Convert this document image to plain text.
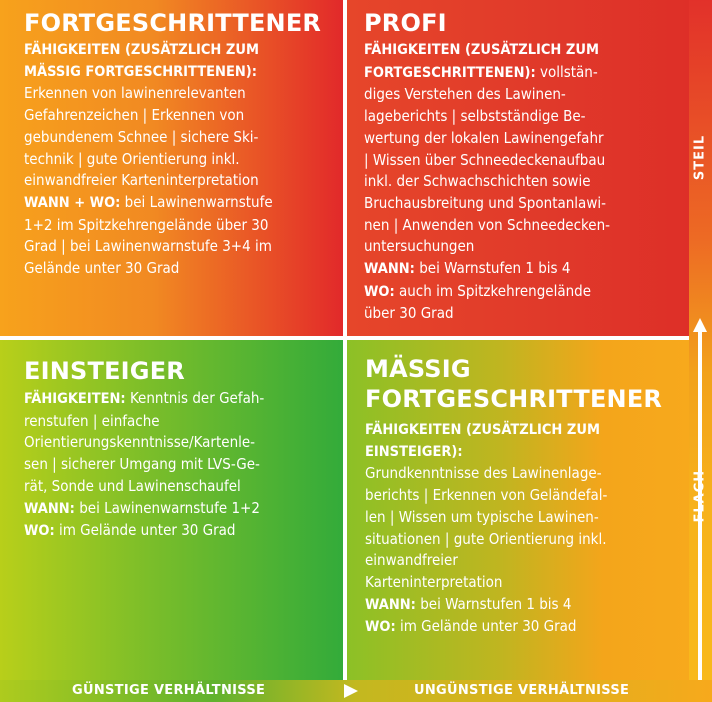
FORTGESCHRITTENER
FÄHIGKEITEN (ZUSÄTZLICH ZUM
MÄSSIG FORTGESCHRITTENEN):
Erkennen von lawinenrelevanten
Gefahrenzeichen | Erkennen von
gebundenem Schnee | sichere Ski-
technik | gute Orientierung inkl.
einwandfreier Karteninterpretation
WANN + WO: bei Lawinenwarnstufe
1+2 im Spitzkehrengelände über 30
Grad | bei Lawinenwarnstufe 3+4 im
Gelände unter 30 Grad
PROFI
FÄHIGKEITEN (ZUSÄTZLICH ZUM
FORTGESCHRITTENEN): vollstän-
diges Verstehen des Lawinen-
lageberichts | selbstständige Be-
wertung der lokalen Lawinengefahr
| Wissen über Schneedeckenaufbau
inkl. der Schwachschichten sowie
Bruchausbreitung und Spontanlawi-
nen | Anwenden von Schneedecken-
untersuchungen
WANN: bei Warnstufen 1 bis 4
WO: auch im Spitzkehrengelände
über 30 Grad
EINSTEIGER
FÄHIGKEITEN: Kenntnis der Gefah-
renstufen | einfache
Orientierungskenntnisse/Kartenle-
sen | sicherer Umgang mit LVS-Ge-
rät, Sonde und Lawinenschaufel
WANN: bei Lawinenwarnstufe 1+2
WO: im Gelände unter 30 Grad
MÄSSIG
FORTGESCHRITTENER
FÄHIGKEITEN (ZUSÄTZLICH ZUM
EINSTEIGER):
Grundkenntnisse des Lawinenlage-
berichts | Erkennen von Geländefal-
len | Wissen um typische Lawinen-
situationen | gute Orientierung inkl.
einwandfreier
Karteninterpretation
WANN: bei Warnstufen 1 bis 4
WO: im Gelände unter 30 Grad
STEIL
FLACH
GÜNSTIGE VERHÄLTNISSE	UNGÜNSTIGE VERHÄLTNISSE
